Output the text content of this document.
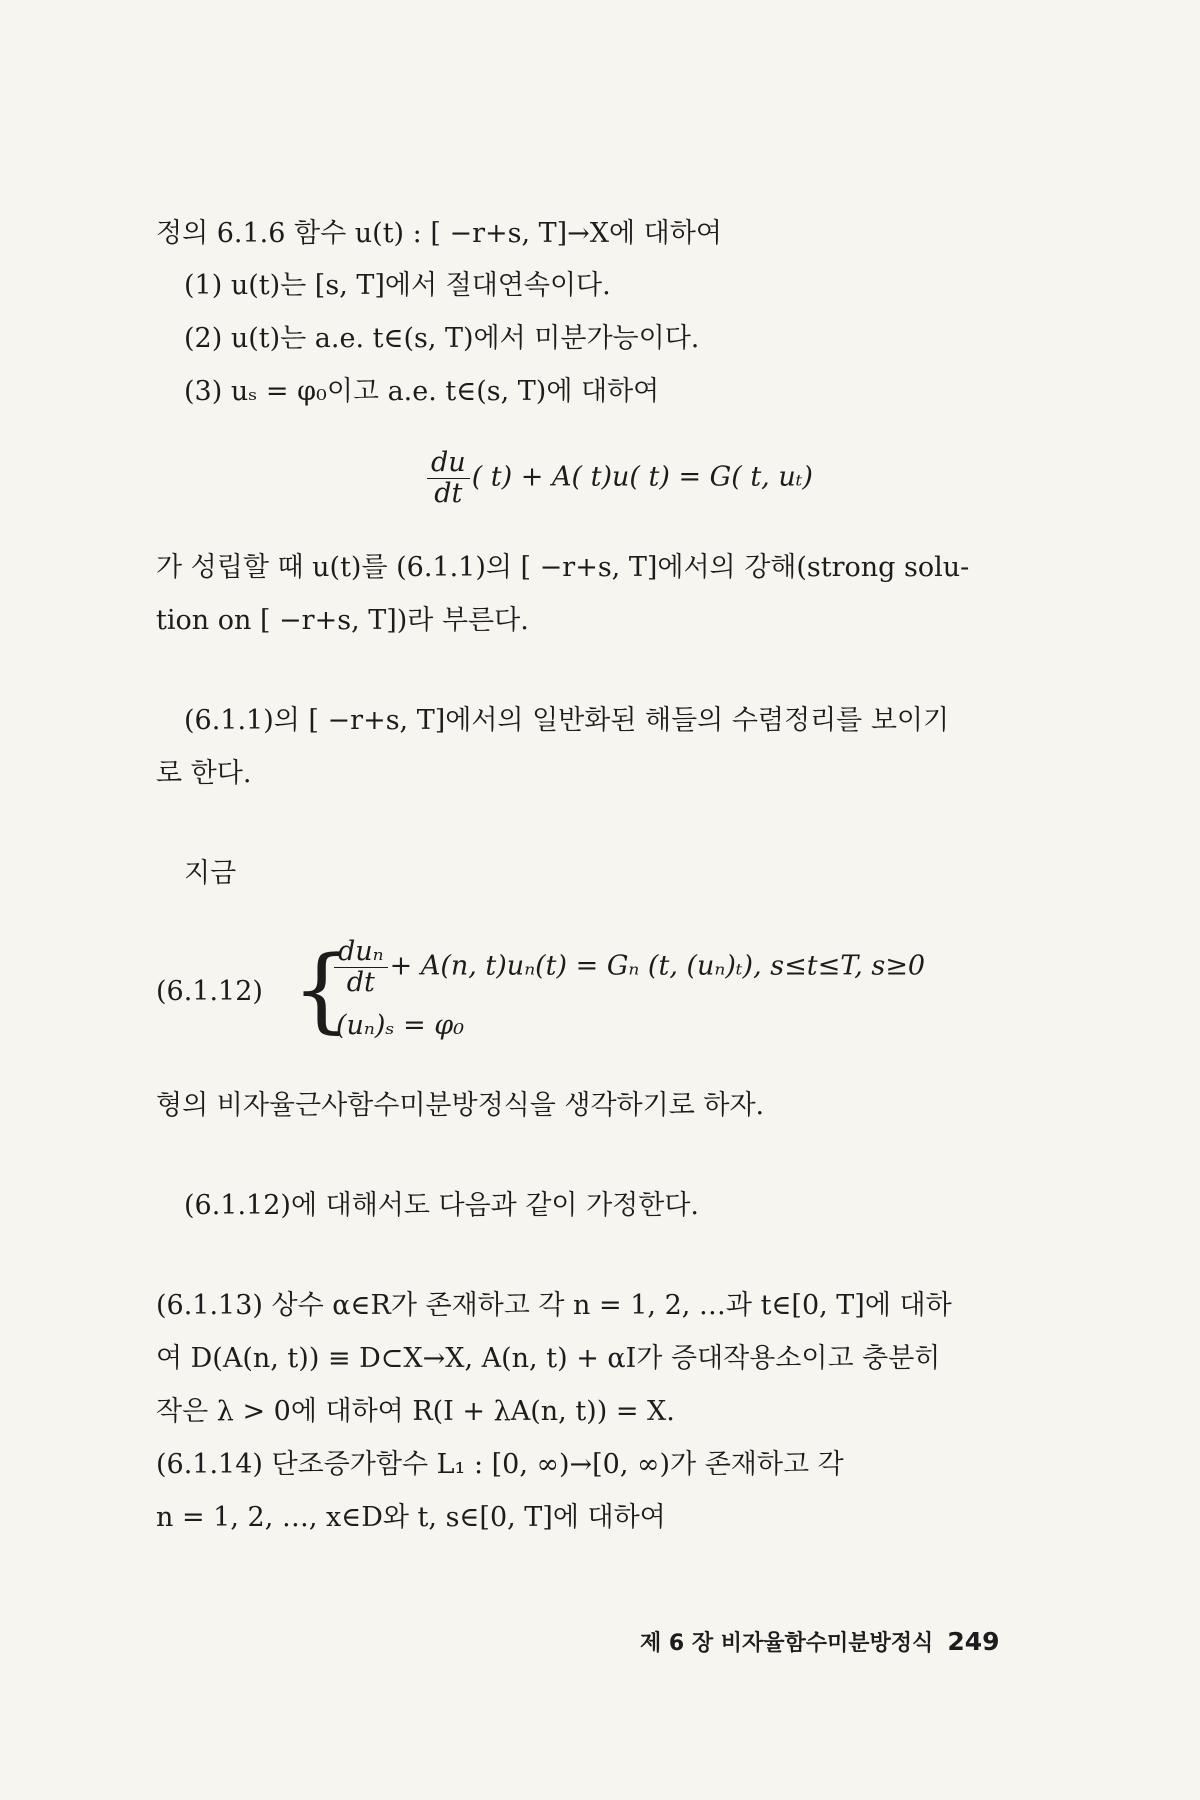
정의 6.1.6 함수 u(t) : [ −r+s, T]→X에 대하여
(1) u(t)는 [s, T]에서 절대연속이다.
(2) u(t)는 a.e. t∈(s, T)에서 미분가능이다.
(3) uₛ = φ₀이고 a.e. t∈(s, T)에 대하여
$\frac{du}{dt}$ ( t) + A( t)u( t) = G( t, uₜ)
가 성립할 때 u(t)를 (6.1.1)의 [ −r+s, T]에서의 강해(strong solu-
tion on [ −r+s, T])라 부른다.
(6.1.1)의 [ −r+s, T]에서의 일반화된 해들의 수렴정리를 보이기
로 한다.
지금
(6.1.12) {
$\frac{\text{duₙ}}{dt} + A(n$, t)uₙ(t) = Gₙ (t, (uₙ)ₜ), s≤t≤T, s≥0
(uₙ)ₛ = φ₀
형의 비자율근사함수미분방정식을 생각하기로 하자.
(6.1.12)에 대해서도 다음과 같이 가정한다.
(6.1.13) 상수 α∈R가 존재하고 각 n = 1, 2, …과 t∈[0, T]에 대하
여 D(A(n, t)) ≡ D⊂X→X, A(n, t) + αI가 증대작용소이고 충분히
작은 λ > 0에 대하여 R(I + λA(n, t)) = X.
(6.1.14) 단조증가함수 L₁ : [0, ∞)→[0, ∞)가 존재하고 각
n = 1, 2, …, x∈D와 t, s∈[0, T]에 대하여
제 6 장 비자율함수미분방정식 249
